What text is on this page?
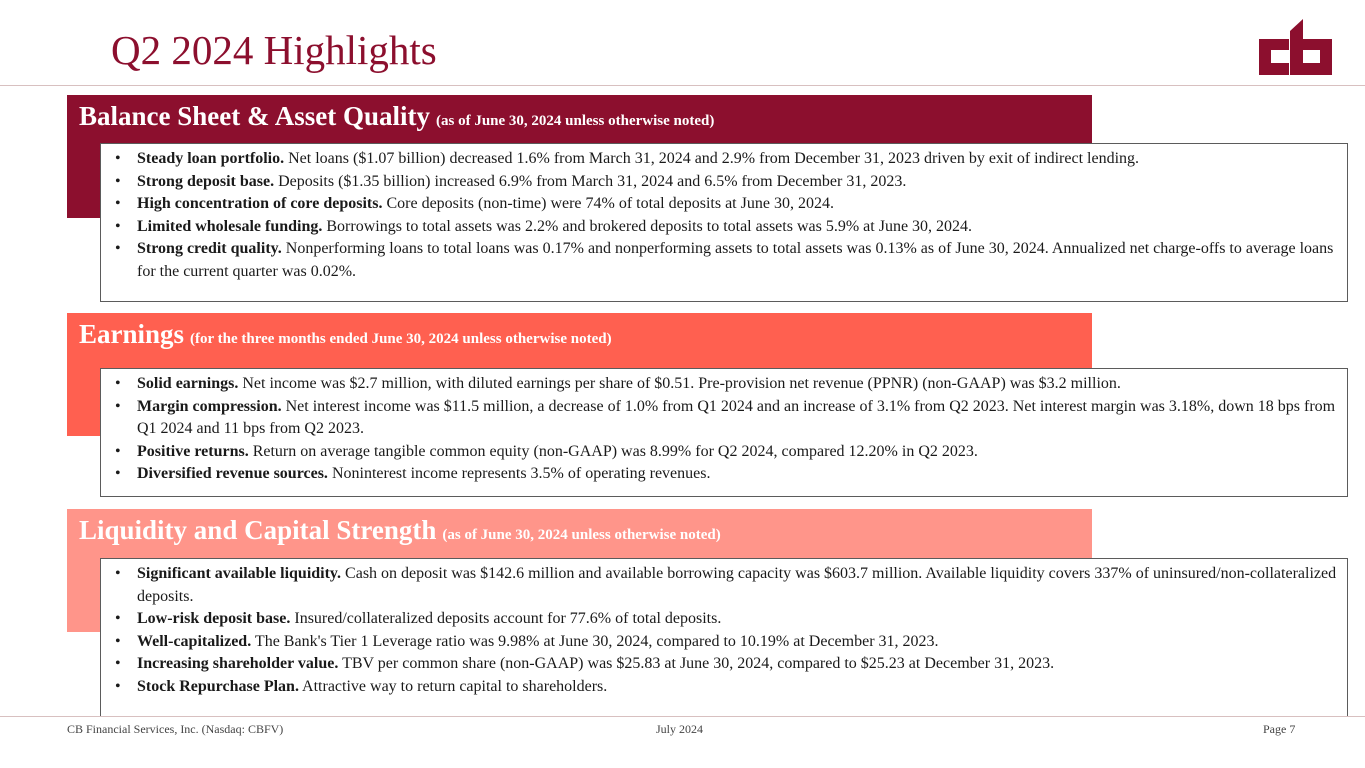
Q2 2024 Highlights
Balance Sheet & Asset Quality (as of June 30, 2024 unless otherwise noted)
• Steady loan portfolio. Net loans ($1.07 billion) decreased 1.6% from March 31, 2024 and 2.9% from December 31, 2023 driven by exit of indirect lending.
• Strong deposit base. Deposits ($1.35 billion) increased 6.9% from March 31, 2024 and 6.5% from December 31, 2023.
• High concentration of core deposits. Core deposits (non-time) were 74% of total deposits at June 30, 2024.
• Limited wholesale funding. Borrowings to total assets was 2.2% and brokered deposits to total assets was 5.9% at June 30, 2024.
• Strong credit quality. Nonperforming loans to total loans was 0.17% and nonperforming assets to total assets was 0.13% as of June 30, 2024. Annualized net charge-offs to average loans for the current quarter was 0.02%.
Earnings (for the three months ended June 30, 2024 unless otherwise noted)
• Solid earnings. Net income was $2.7 million, with diluted earnings per share of $0.51. Pre-provision net revenue (PPNR) (non-GAAP) was $3.2 million.
• Margin compression. Net interest income was $11.5 million, a decrease of 1.0% from Q1 2024 and an increase of 3.1% from Q2 2023. Net interest margin was 3.18%, down 18 bps from Q1 2024 and 11 bps from Q2 2023.
• Positive returns. Return on average tangible common equity (non-GAAP) was 8.99% for Q2 2024, compared 12.20% in Q2 2023.
• Diversified revenue sources. Noninterest income represents 3.5% of operating revenues.
Liquidity and Capital Strength (as of June 30, 2024 unless otherwise noted)
• Significant available liquidity. Cash on deposit was $142.6 million and available borrowing capacity was $603.7 million. Available liquidity covers 337% of uninsured/non-collateralized deposits.
• Low-risk deposit base. Insured/collateralized deposits account for 77.6% of total deposits.
• Well-capitalized. The Bank's Tier 1 Leverage ratio was 9.98% at June 30, 2024, compared to 10.19% at December 31, 2023.
• Increasing shareholder value. TBV per common share (non-GAAP) was $25.83 at June 30, 2024, compared to $25.23 at December 31, 2023.
• Stock Repurchase Plan. Attractive way to return capital to shareholders.
CB Financial Services, Inc. (Nasdaq: CBFV)	July 2024	Page 7
